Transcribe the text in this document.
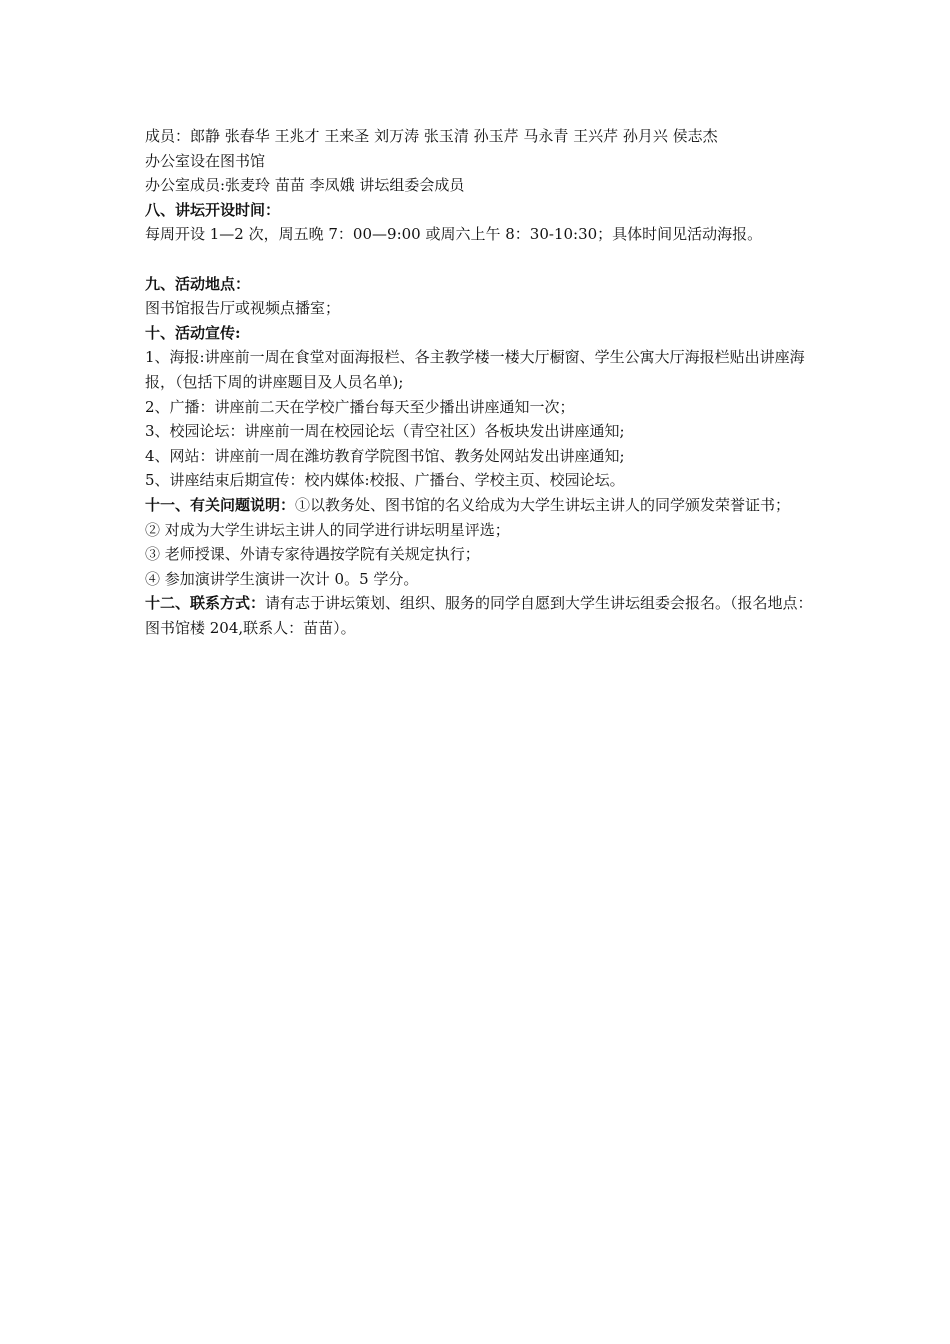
成员：郎静 张春华 王兆才 王来圣 刘万涛 张玉清 孙玉芹 马永青 王兴芹 孙月兴 侯志杰
办公室设在图书馆
办公室成员:张麦玲 苗苗 李凤娥 讲坛组委会成员
八、讲坛开设时间：
每周开设 1—2 次，周五晚 7：00—9:00 或周六上午 8：30-10:30；具体时间见活动海报。
九、活动地点：
图书馆报告厅或视频点播室；
十、活动宣传:
1、海报:讲座前一周在食堂对面海报栏、各主教学楼一楼大厅橱窗、学生公寓大厅海报栏贴出讲座海报，（包括下周的讲座题目及人员名单);
2、广播：讲座前二天在学校广播台每天至少播出讲座通知一次；
3、校园论坛：讲座前一周在校园论坛（青空社区）各板块发出讲座通知;
4、网站：讲座前一周在潍坊教育学院图书馆、教务处网站发出讲座通知;
5、讲座结束后期宣传：校内媒体:校报、广播台、学校主页、校园论坛。
十一、有关问题说明：①以教务处、图书馆的名义给成为大学生讲坛主讲人的同学颁发荣誉证书；
② 对成为大学生讲坛主讲人的同学进行讲坛明星评选；
③ 老师授课、外请专家待遇按学院有关规定执行；
④ 参加演讲学生演讲一次计 0。5 学分。
十二、联系方式：请有志于讲坛策划、组织、服务的同学自愿到大学生讲坛组委会报名。（报名地点：图书馆楼 204,联系人：苗苗）。
